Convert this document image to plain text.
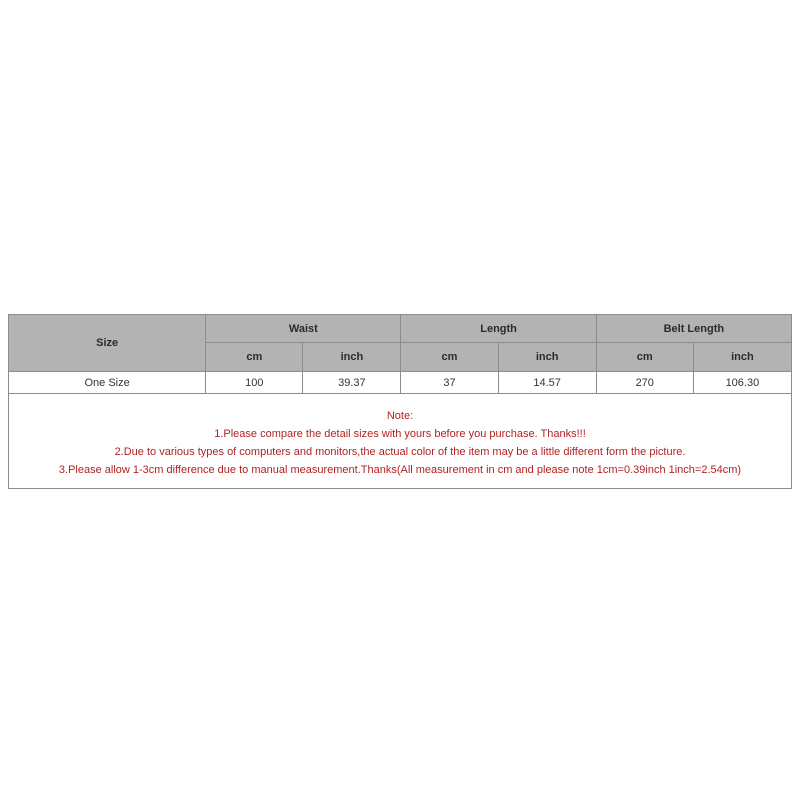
Size	Waist		Length		Belt Length	
	cm	inch	cm	inch	cm	inch
One Size	100	39.37	37	14.57	270	106.30

Note:
1.Please compare the detail sizes with yours before you purchase. Thanks!!!
2.Due to various types of computers and monitors,the actual color of the item may be a little different form the picture.
3.Please allow 1-3cm difference due to manual measurement.Thanks(All measurement in cm and please note 1cm=0.39inch 1inch=2.54cm)						
